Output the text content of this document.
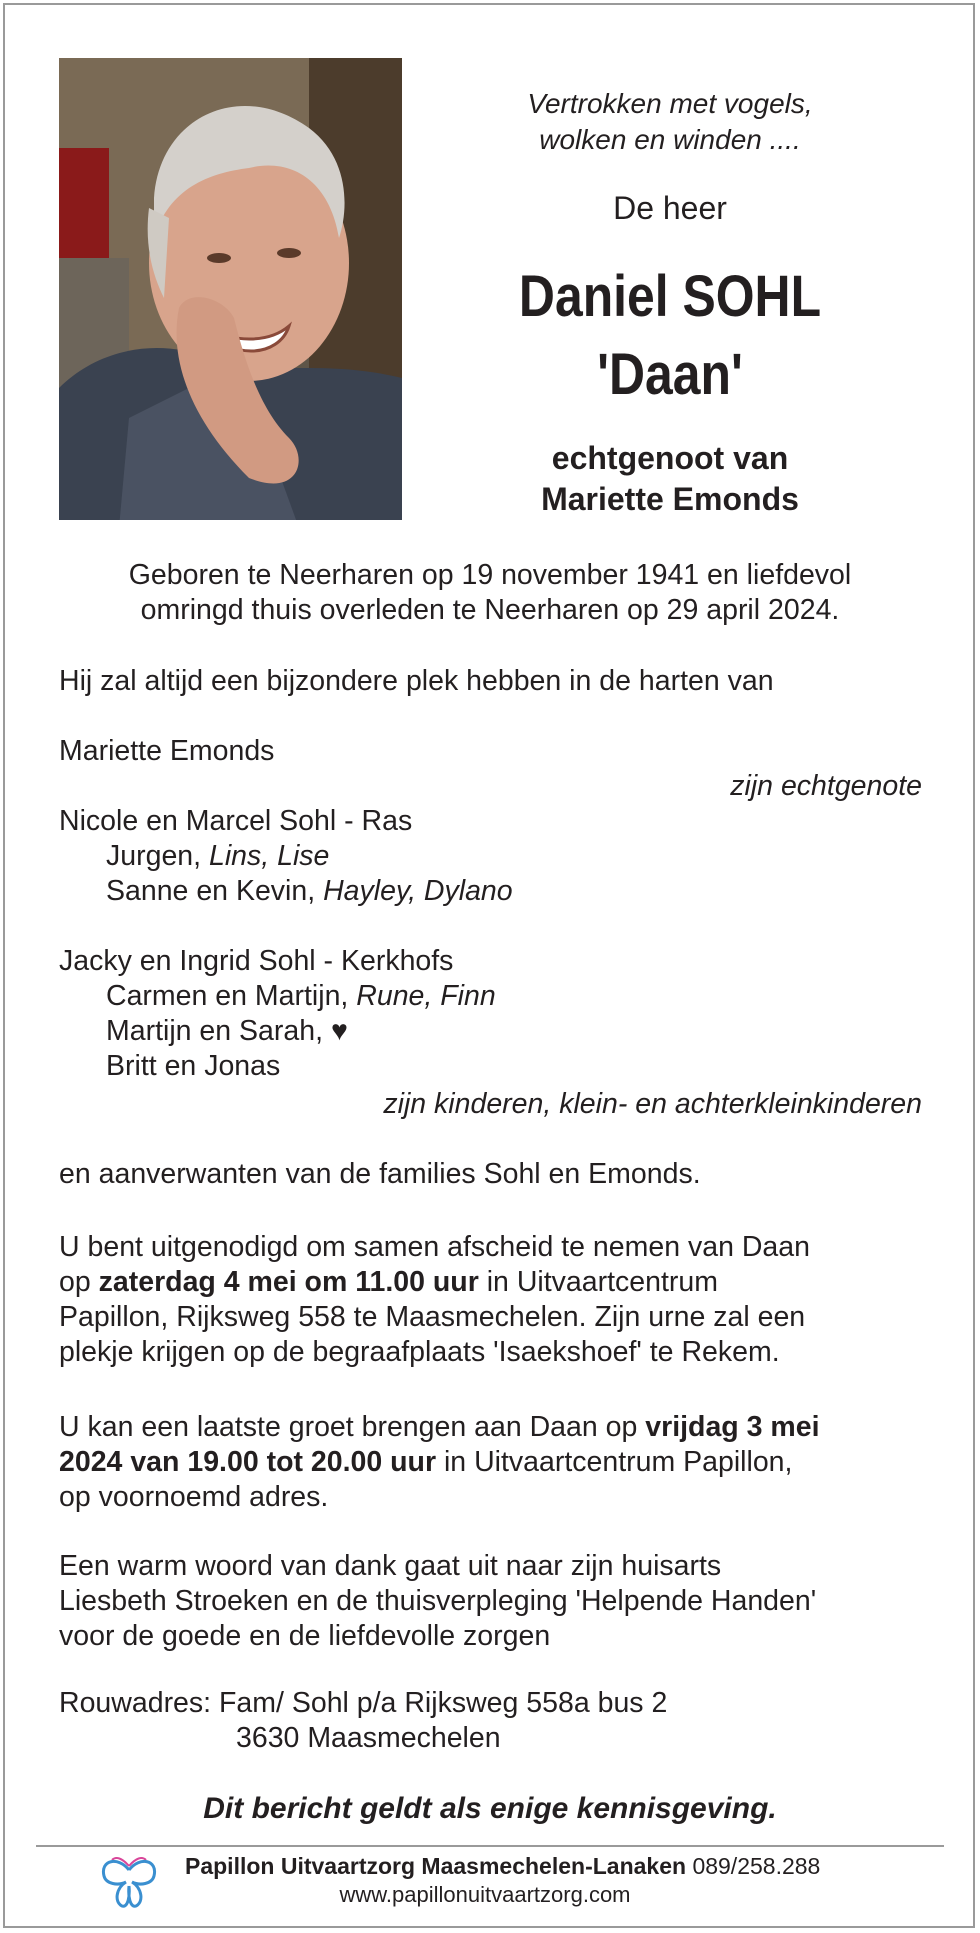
Vertrokken met vogels,
wolken en winden ....
De heer
Daniel SOHL
'Daan'
echtgenoot van
Mariette Emonds
Geboren te Neerharen op 19 november 1941 en liefdevol
omringd thuis overleden te Neerharen op 29 april 2024.
Hij zal altijd een bijzondere plek hebben in de harten van
Mariette Emonds
zijn echtgenote
Nicole en Marcel Sohl - Ras
Jurgen, Lins, Lise
Sanne en Kevin, Hayley, Dylano
Jacky en Ingrid Sohl - Kerkhofs
Carmen en Martijn, Rune, Finn
Martijn en Sarah, ♥
Britt en Jonas
zijn kinderen, klein- en achterkleinkinderen
en aanverwanten van de families Sohl en Emonds.
U bent uitgenodigd om samen afscheid te nemen van Daan
op zaterdag 4 mei om 11.00 uur in Uitvaartcentrum
Papillon, Rijksweg 558 te Maasmechelen. Zijn urne zal een
plekje krijgen op de begraafplaats 'Isaekshoef' te Rekem.
U kan een laatste groet brengen aan Daan op vrijdag 3 mei
2024 van 19.00 tot 20.00 uur in Uitvaartcentrum Papillon,
op voornoemd adres.
Een warm woord van dank gaat uit naar zijn huisarts
Liesbeth Stroeken en de thuisverpleging 'Helpende Handen'
voor de goede en de liefdevolle zorgen
Rouwadres: Fam/ Sohl p/a Rijksweg 558a bus 2
3630 Maasmechelen
Dit bericht geldt als enige kennisgeving.
Papillon Uitvaartzorg Maasmechelen-Lanaken 089/258.288
www.papillonuitvaartzorg.com
